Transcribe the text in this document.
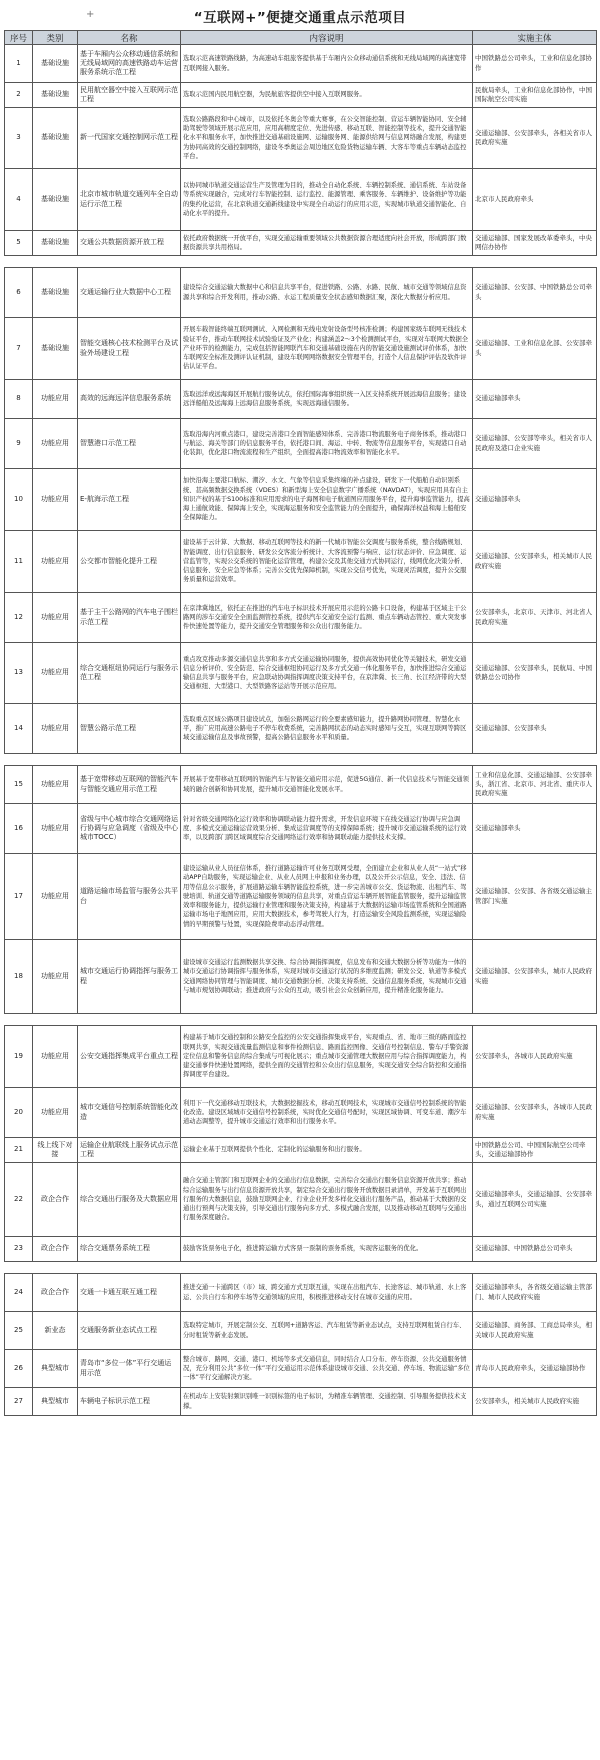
+	“互联网+”便捷交通重点示范项目
序号	类别	名称	内容说明	实施主体
1	基础设施	基于车厢内公众移动通信系统和无线局域网的高速铁路动车运营服务系统示范工程	选取示范高速铁路线路，为高速动车组旅客提供基于车厢内公众移动通信系统和无线局域网的高速宽带互联网接入服务。	中国铁路总公司牵头，工业和信息化部协作
2	基础设施	民用航空器空中接入互联网示范工程	选取示范国内民用航空器，为民航旅客提供空中接入互联网服务。	民航局牵头，工业和信息化部协作，中国国际航空公司实施
3	基础设施	新一代国家交通控制网示范工程	选取公路路段和中心城市，以及依托冬奥会等重大赛事，在公交智能控制、营运车辆智能协同、安全辅助驾驶等领域开展示范应用，应用高精度定位、先进传感、移动互联、智能控制等技术，提升交通智能化水平和服务水平，加快推进交通基础设施网、运输服务网、能源供给网与信息网络融合发展，构建更为协同高效的交通控制网络，建设冬季奥运会周边地区危险货物运输车辆、大客车等重点车辆动态监控平台。	交通运输部、公安部牵头，各相关省市人民政府实施
4	基础设施	北京市城市轨道交通列车全自动运行示范工程	以协同城市轨道交通运营生产及管理为目的，推动全自动化系统、车辆控制系统、通信系统、车站设备等系统实现融合，完成对行车智能控制、运行监控、能源管理、乘客服务、车辆维护、设备维护等功能的集约化运营，在北京轨道交通新线建设中实现全自动运行的应用示范，实现城市轨道交通智能化、自动化水平的提升。	北京市人民政府牵头
5	基础设施	交通公共数据资源开放工程	依托政府数据统一开放平台，实现交通运输重要领域公共数据资源合理适度向社会开放，形成跨部门数据资源共享共用格局。	交通运输部、国家发展改革委牵头，中央网信办协作

6	基础设施	交通运输行业大数据中心工程	建设综合交通运输大数据中心和信息共享平台，促进铁路、公路、水路、民航、城市交通等领域信息资源共享和综合开发利用，推动公路、水运工程质量安全状态感知数据汇聚，深化大数据分析应用。	交通运输部、公安部、中国铁路总公司牵头
7	基础设施	智能交通核心技术检测平台及试验外场建设工程	开展车载智能终端互联网测试、入网检测和无线电发射设备型号核准检测；构建国家级车联网无线技术验证平台，推动车联网技术试验验证及产业化；构建涵盖2～3个检测测试平台，实现对车联网大数据全产业环节的检测能力，完成包括智能网联汽车和交通基础设施在内的智能交通设施测试评价体系，加快车联网安全标准及测评认证机制，建设车联网网络数据安全管理平台，打造个人信息保护评估及软件评估认证平台。	交通运输部、工业和信息化部、公安部牵头
8	功能应用	高效的远海远洋信息服务系统	选取远洋或远海海区开展航行服务试点，依托国际海事组织统一入区支持系统开展远海信息服务；建设远洋船舶及远海海上远海信息服务系统，实现远海通信服务。	交通运输部牵头
9	功能应用	智慧港口示范工程	选取沿海内河重点港口，建设完善港口全面智能感知体系、完善港口物流服务电子商务体系，推动港口与航运、海关等部门的信息服务平台，依托港口间、海运、中转、物流等信息服务平台，实现港口自动化装卸，优化港口物流流程和生产组织，全面提高港口物流效率和智能化水平。	交通运输部、公安部等牵头，相关省市人民政府及港口企业实施
10	功能应用	E-航海示范工程	加快沿海主要港口航标、潮汐、水文、气象等信息采集终端的补点建设，研发下一代船舶自动识别系统、甚高频数据交换系统（VDES）和新型海上安全信息数字广播系统（NAVDAT），实现应用具有自主知识产权的基于S100标准和应用需求的电子海图和电子航道图应用服务平台，提升海事监管能力，提高海上通航效能、保障海上安全，实现海运服务和安全监管能力的全面提升，确保海洋权益和海上船舶安全保障能力。	交通运输部牵头
11	功能应用	公交都市智能化提升工程	建设基于云计算、大数据、移动互联网等技术的新一代城市智能公交调度与服务系统，整合线路规划、智能调度、出行信息服务、研发公交客流分析统计、大客流预警与响应、运行状态评价、应急调度、运营监管等，实现公交系统的智能化运营管理，构建公交及其他交通方式协同运行，线网优化决策分析、信息服务、安全应急等体系；完善公交优先保障机制，实现公交信号优先，实现灵活调度，提升公交服务质量和运营效率。	交通运输部、公安部牵头，相关城市人民政府实施
12	功能应用	基于主干公路网的汽车电子围栏示范工程	在京津冀地区，依托正在推进的汽车电子标识技术开展应用示范的公路卡口设备，构建基于区域主干公路网的涉车交通安全全面监测管控系统，提供汽车交通安全运行监测、重点车辆动态管控、重大突发事件快速处置等能力，提升交通安全管理服务和公众出行服务能力。	公安部牵头，北京市、天津市、河北省人民政府实施
13	功能应用	综合交通枢纽协同运行与服务示范工程	重点攻克推动多源交通信息共享和多方式交通运输协同服务，提供高效协同优化等关键技术，研发交通信息分析评价、安全防范、综合交通枢纽协同运行及多方式交通一体化服务平台，加快推进综合交通运输信息共享与服务平台，应急联动协调指挥调度决策支持平台，在京津冀、长三角、长江经济带的大型交通枢纽、大型港口、大型铁路客运站等开展示范应用。	交通运输部、公安部牵头，民航局、中国铁路总公司协作
14	功能应用	智慧公路示范工程	选取重点区域公路项目建设试点，加强公路网运行的全要素感知能力，提升路网协同管理、智慧化水平，推广应用高速公路电子不停车收费系统，完善路网状态的动态实时感知与交互，实现互联网等跨区域交通运输信息及事故预警，提高公路信息服务水平和质量。	交通运输部、公安部牵头

15	功能应用	基于宽带移动互联网的智能汽车与智能交通应用示范工程	开展基于宽带移动互联网的智能汽车与智能交通应用示范，促进5G通信、新一代信息技术与智能交通领域的融合创新和协同发展，提升城市交通智能化发展水平。	工业和信息化部、交通运输部、公安部牵头，浙江省、北京市、河北省、重庆市人民政府实施
16	功能应用	省级与中心城市综合交通网络运行协调与应急调度（省级及中心城市TOCC）	针对省级交通网络化运行效率和协调联动能力提升需求，开发信息环境下在线交通运行协调与应急调度、多模式交通运输运营效果分析、集成运营调度等的支撑保障系统；提升城市交通运输系统的运行效率，以及跨部门跨区域调度综合交通网络运行效率和协调联动能力提供技术支撑。	交通运输部牵头
17	功能应用	道路运输市场监管与服务公共平台	建设运输从业人员征信体系，推行道路运输许可业务互联网受理，全面建立企业和从业人员“一站式”移动APP自助服务，实现运输企业、从业人员网上申报和业务办理，以及公开公示信息，安全、违法、信用等信息公示服务，扩展道路运输车辆智能监控系统，进一步完善城市公交、货运物流、出租汽车、驾驶培训、轨道交通等道路运输服务领域的信息共享，对重点营运车辆开展智能监管服务，提升运输监管效率和服务能力，提供运输行业管理和服务决策支持，构建基于大数据的运输市场监管系统和全国道路运输市场电子地图应用，应用大数据技术，参考驾驶人行为，打造运输安全风险监测系统，实现运输险情的早期预警与处置，实现保险费率动态浮动管理。	交通运输部、公安部、各省级交通运输主管部门实施
18	功能应用	城市交通运行协调指挥与服务工程	建设城市交通运行监测数据共享交换、综合协调指挥调度，信息发布和交通大数据分析等功能为一体的城市交通运行协调指挥与服务体系，实现对城市交通运行状况的多维度监测；研发公交、轨道等多模式交通网络协同管理与智能调度、城市交通数据分析、决策支持系统、交通信息服务系统，实现城市交通与城市规划协调联动；推进政府与公众的互动，吸引社会公众创新应用，提升精准化服务能力。	交通运输部、公安部牵头，城市人民政府实施

19	功能应用	公安交通指挥集成平台重点工程	构建基于城市交通控制和公路安全监控的公安交通指挥集成平台，实现重点、省、地市三级的路面监控联网共享，实现交通流量监测信息和事件检测信息、路面监控图像、交通信号控制信息、警车/手警资源定位信息和警务信息的综合集成与可视化展示；重点城市交通管理大数据应用与综合指挥调度能力，构建交通事件快速处置网络，提供全面的交通管控和公众出行信息服务，实现交通安全综合防控和交通指挥调度平台建设。	公安部牵头，各城市人民政府实施
20	功能应用	城市交通信号控制系统智能化改造	利用下一代交通移动互联技术，大数据挖掘技术，移动互联网技术，实现城市交通信号控制系统的智能化改造。建设区域城市交通信号控制系统，实时优化交通信号配时，实现区域协调、可变车道、潮汐车道动态调整等，提升城市交通运行效率和出行服务水平。	交通运输部、公安部牵头，各城市人民政府实施
21	线上线下对接	运输企业航联线上服务试点示范工程	运输企业基于互联网提供个性化、定制化的运输服务和出行服务。	中国铁路总公司、中国国际航空公司牵头，交通运输部协作
22	政企合作	综合交通出行服务及大数据应用	融合交通主管部门和互联网企业的交通出行信息数据，完善综合交通出行服务信息资源开放共享；推动综合运输服务与出行信息资源开放共享，制定综合交通出行服务开放数据目录清单，开发基于互联网出行服务的大数据信息，鼓励互联网企业、行业企业开发多样化交通出行服务产品，推动基于大数据的交通出行预判与决策支持，引导交通出行服务向多方式、多模式融合发展，以及推动移动互联网与交通出行服务深度融合。	交通运输部牵头，交通运输部、公安部牵头，通过互联网公司实施
23	政企合作	综合交通票务系统工程	鼓励客货票务电子化，推进跨运输方式客票一票制的票务系统，实现客运服务的优化。	交通运输部、中国铁路总公司牵头

24	政企合作	交通一卡通互联互通工程	推进交通一卡通跨区（市）域、跨交通方式互联互通，实现在出租汽车、长途客运、城市轨道、水上客运、公共自行车和停车场等交通领域的应用，积极推进移动支付在城市交通的应用。	交通运输部牵头，各省级交通运输主管部门、城市人民政府实施
25	新业态	交通服务新业态试点工程	选取特定城市，开展定制公交、互联网+道路客运、汽车租赁等新业态试点，支持互联网租赁自行车、分时租赁等新业态发展。	交通运输部、商务部、工商总局牵头，相关城市人民政府实施
26	典型城市	青岛市“多位一体”平行交通运用示范	整合城市、路网、交通、港口、机场等多式交通信息，同时结合人口分布、停车资源、公共交通服务情况，充分利用公共“多位一体”平行交通运用示范体系建设城市交通、公共交通、停车场、物流运输“多位一体”平行交通解决方案。	青岛市人民政府牵头，交通运输部协作
27	典型城市	车辆电子标识示范工程	在机动车上安装射频识别唯一识别标签的电子标识，为精准车辆管理、交通控制、引导服务提供技术支撑。	公安部牵头，相关城市人民政府实施
